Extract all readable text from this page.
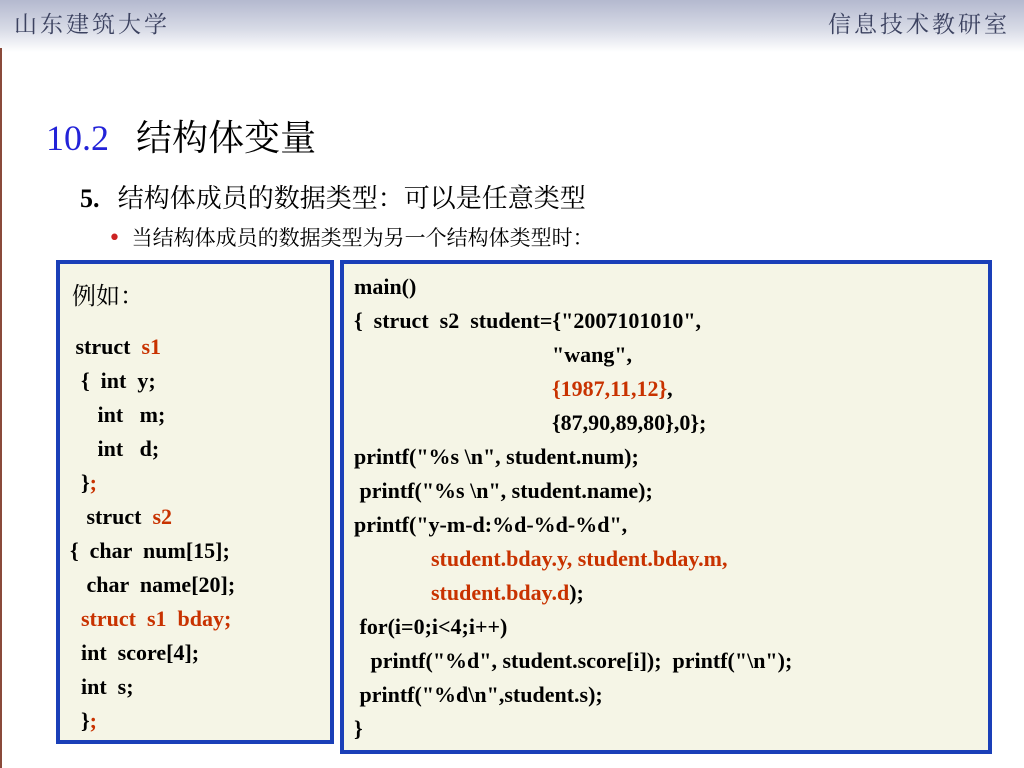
山东建筑大学	信息技术教研室
10.2 结构体变量
5. 结构体成员的数据类型：可以是任意类型
• 当结构体成员的数据类型为另一个结构体类型时：
例如：
struct  s1
{  int  y;
int   m;
int   d;
};
struct  s2
{  char  num[15];
char  name[20];
struct  s1  bday;
int  score[4];
int  s;
};
main()
{  struct  s2  student={"2007101010",
"wang",
{1987,11,12},
{87,90,89,80},0};
printf("%s \n", student.num);
printf("%s \n", student.name);
printf("y-m-d:%d-%d-%d",
student.bday.y, student.bday.m,
student.bday.d);
for(i=0;i<4;i++)
printf("%d", student.score[i]);  printf("\n");
printf("%d\n",student.s);
}
